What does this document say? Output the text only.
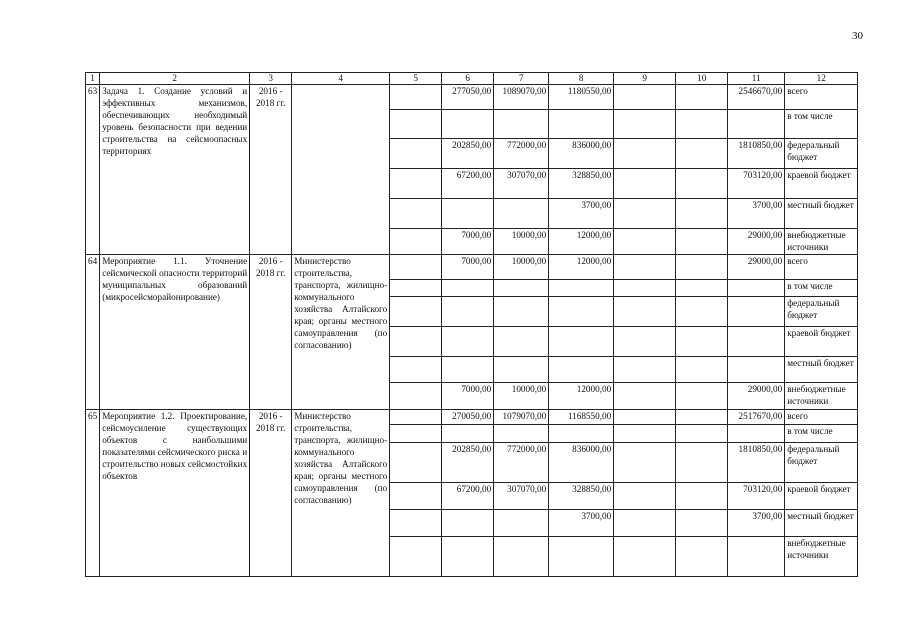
30
1	2	3	4	5	6	7	8	9	10	11	12
63	Задача 1. Создание условий и эффективных механизмов, обеспечивающих необходимый уровень безопасности при ведении строительства на сейсмоопасных территориях	2016 - 2018 гг.			277050,00	1089070,00	1180550,00			2546670,00	всего
											в том числе
					202850,00	772000,00	836000,00			1810850,00	федеральный бюджет
					67200,00	307070,00	328850,00			703120,00	краевой бюджет
							3700,00			3700,00	местный бюджет
					7000,00	10000,00	12000,00			29000,00	внебюджетные источники
64	Мероприятие 1.1. Уточнение сейсмической опасности территорий муниципальных образований (микросейсморайонирование)	2016 - 2018 гг.	Министерство строительства, транспорта, жилищно-коммунального хозяйства Алтайского края; органы местного самоуправления (по согласованию)		7000,00	10000,00	12000,00			29000,00	всего
											в том числе
											федеральный бюджет
											краевой бюджет
											местный бюджет
					7000,00	10000,00	12000,00			29000,00	внебюджетные источники
65	Мероприятие 1.2. Проектирование, сейсмоусиление существующих объектов с наибольшими показателями сейсмического риска и строительство новых сейсмостойких объектов	2016 - 2018 гг.	Министерство строительства, транспорта, жилищно-коммунального хозяйства Алтайского края; органы местного самоуправления (по согласованию)		270050,00	1079070,00	1168550,00			2517670,00	всего
											в том числе
					202850,00	772000,00	836000,00			1810850,00	федеральный бюджет
					67200,00	307070,00	328850,00			703120,00	краевой бюджет
							3700,00			3700,00	местный бюджет
											внебюджетные источники
